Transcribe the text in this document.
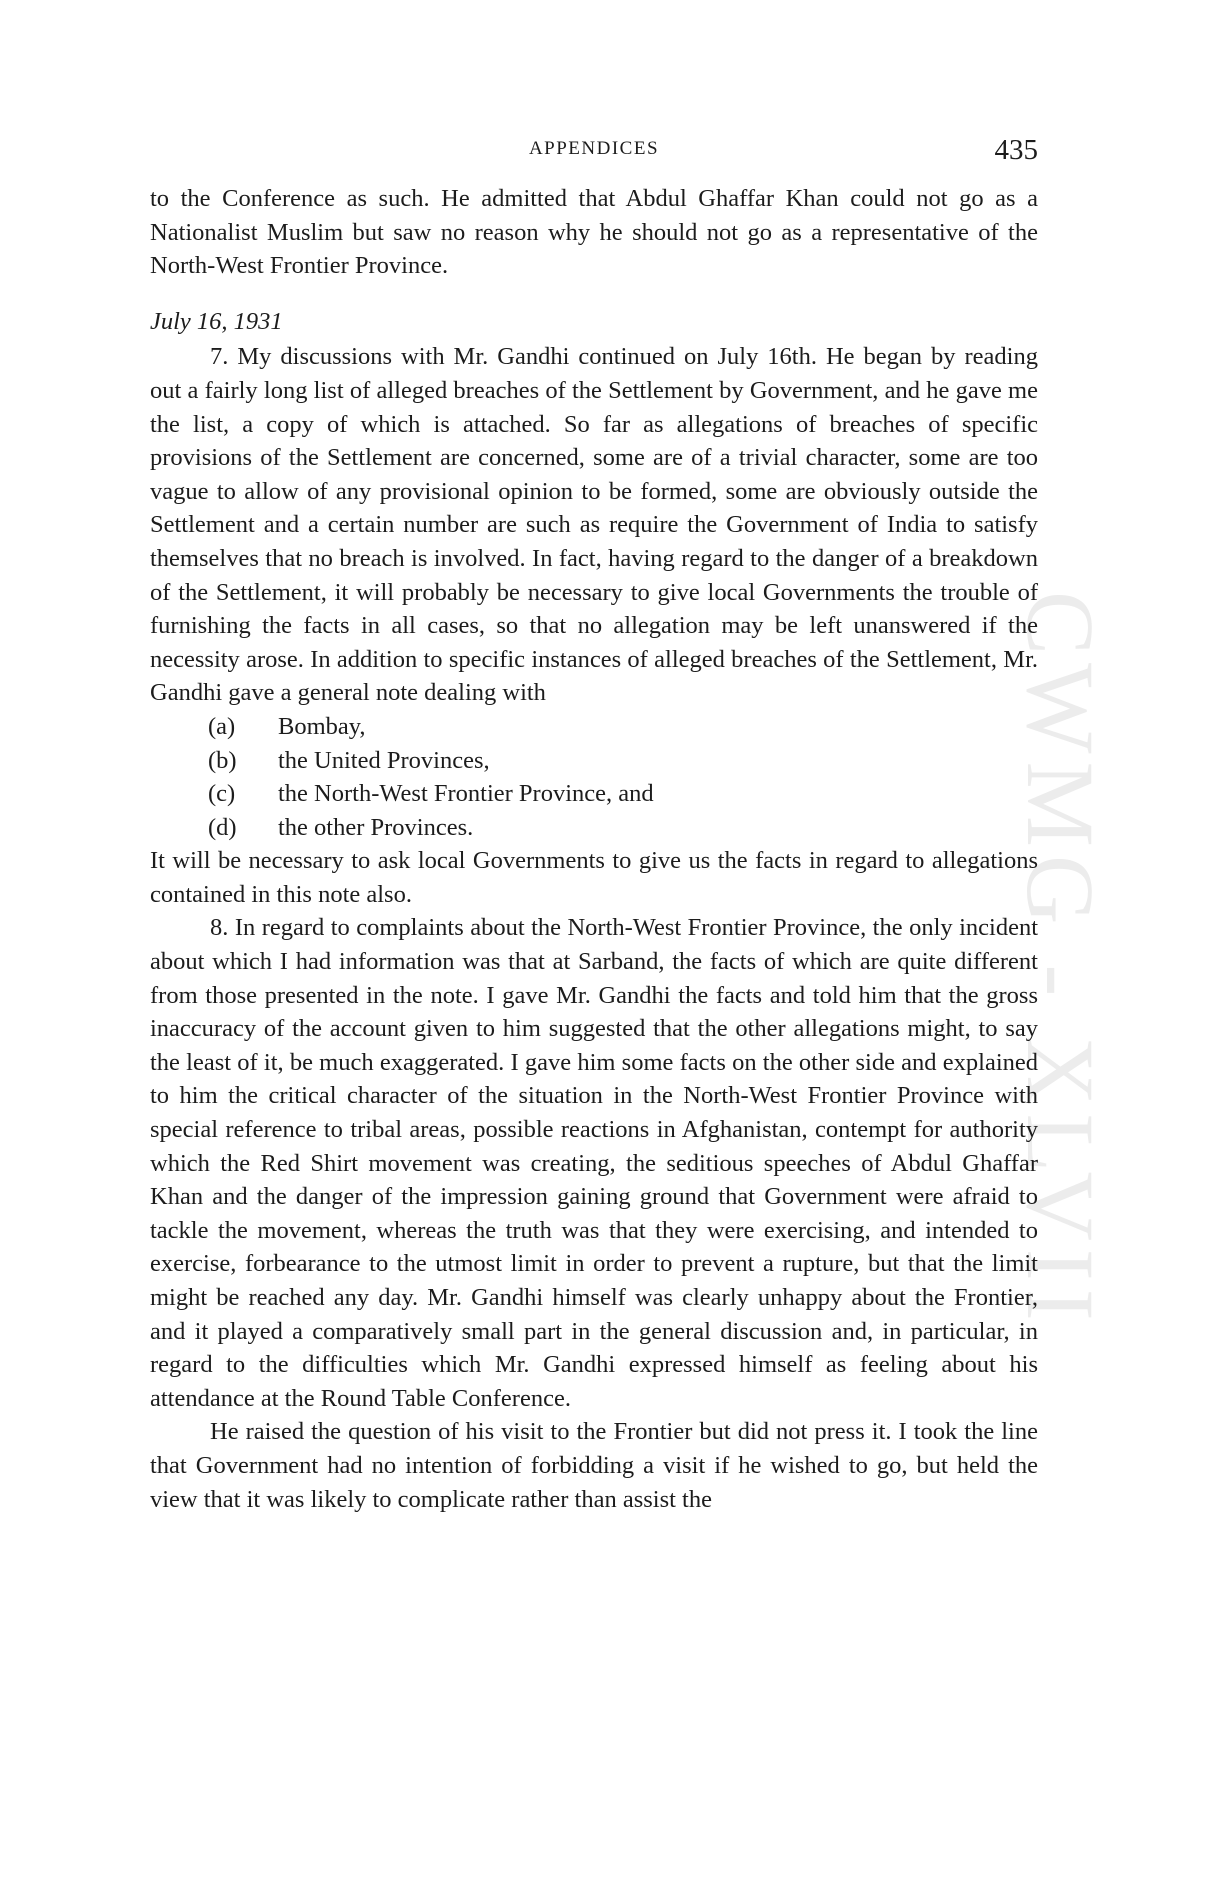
CWMG - XLVII
APPENDICES	435

to the Conference as such. He admitted that Abdul Ghaffar Khan could not go as a Nationalist Muslim but saw no reason why he should not go as a representative of the North-West Frontier Province.

July 16, 1931

7. My discussions with Mr. Gandhi continued on July 16th. He began by reading out a fairly long list of alleged breaches of the Settlement by Government, and he gave me the list, a copy of which is attached. So far as allegations of breaches of specific provisions of the Settlement are concerned, some are of a trivial character, some are too vague to allow of any provisional opinion to be formed, some are obviously outside the Settlement and a certain number are such as require the Government of India to satisfy themselves that no breach is involved. In fact, having regard to the danger of a breakdown of the Settlement, it will probably be necessary to give local Governments the trouble of furnishing the facts in all cases, so that no allegation may be left unanswered if the necessity arose. In addition to specific instances of alleged breaches of the Settlement, Mr. Gandhi gave a general note dealing with

(a)	Bombay,
(b)	the United Provinces,
(c)	the North-West Frontier Province, and
(d)	the other Provinces.

It will be necessary to ask local Governments to give us the facts in regard to allegations contained in this note also.

8. In regard to complaints about the North-West Frontier Province, the only incident about which I had information was that at Sarband, the facts of which are quite different from those presented in the note. I gave Mr. Gandhi the facts and told him that the gross inaccuracy of the account given to him suggested that the other allegations might, to say the least of it, be much exaggerated. I gave him some facts on the other side and explained to him the critical character of the situation in the North-West Frontier Province with special reference to tribal areas, possible reactions in Afghanistan, contempt for authority which the Red Shirt movement was creating, the seditious speeches of Abdul Ghaffar Khan and the danger of the impression gaining ground that Government were afraid to tackle the movement, whereas the truth was that they were exercising, and intended to exercise, forbearance to the utmost limit in order to prevent a rupture, but that the limit might be reached any day. Mr. Gandhi himself was clearly unhappy about the Frontier, and it played a comparatively small part in the general discussion and, in particular, in regard to the difficulties which Mr. Gandhi expressed himself as feeling about his attendance at the Round Table Conference.

He raised the question of his visit to the Frontier but did not press it. I took the line that Government had no intention of forbidding a visit if he wished to go, but held the view that it was likely to complicate rather than assist the
